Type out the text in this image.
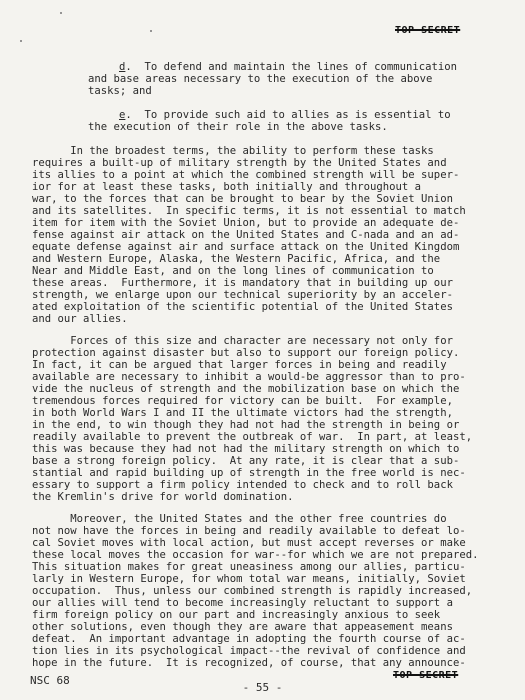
TOP SECRET
d.  To defend and maintain the lines of communication
and base areas necessary to the execution of the above
tasks; and
e.  To provide such aid to allies as is essential to
the execution of their role in the above tasks.
In the broadest terms, the ability to perform these tasks
requires a built-up of military strength by the United States and
its allies to a point at which the combined strength will be super-
ior for at least these tasks, both initially and throughout a
war, to the forces that can be brought to bear by the Soviet Union
and its satellites.  In specific terms, it is not essential to match
item for item with the Soviet Union, but to provide an adequate de-
fense against air attack on the United States and C-nada and an ad-
equate defense against air and surface attack on the United Kingdom
and Western Europe, Alaska, the Western Pacific, Africa, and the
Near and Middle East, and on the long lines of communication to
these areas.  Furthermore, it is mandatory that in building up our
strength, we enlarge upon our technical superiority by an acceler-
ated exploitation of the scientific potential of the United States
and our allies.
Forces of this size and character are necessary not only for
protection against disaster but also to support our foreign policy.
In fact, it can be argued that larger forces in being and readily
available are necessary to inhibit a would-be aggressor than to pro-
vide the nucleus of strength and the mobilization base on which the
tremendous forces required for victory can be built.  For example,
in both World Wars I and II the ultimate victors had the strength,
in the end, to win though they had not had the strength in being or
readily available to prevent the outbreak of war.  In part, at least,
this was because they had not had the military strength on which to
base a strong foreign policy.  At any rate, it is clear that a sub-
stantial and rapid building up of strength in the free world is nec-
essary to support a firm policy intended to check and to roll back
the Kremlin's drive for world domination.
Moreover, the United States and the other free countries do
not now have the forces in being and readily available to defeat lo-
cal Soviet moves with local action, but must accept reverses or make
these local moves the occasion for war--for which we are not prepared.
This situation makes for great uneasiness among our allies, particu-
larly in Western Europe, for whom total war means, initially, Soviet
occupation.  Thus, unless our combined strength is rapidly increased,
our allies will tend to become increasingly reluctant to support a
firm foreign policy on our part and increasingly anxious to seek
other solutions, even though they are aware that appeasement means
defeat.  An important advantage in adopting the fourth course of ac-
tion lies in its psychological impact--the revival of confidence and
hope in the future.  It is recognized, of course, that any announce-
NSC 68
- 55 -
TOP SECRET
